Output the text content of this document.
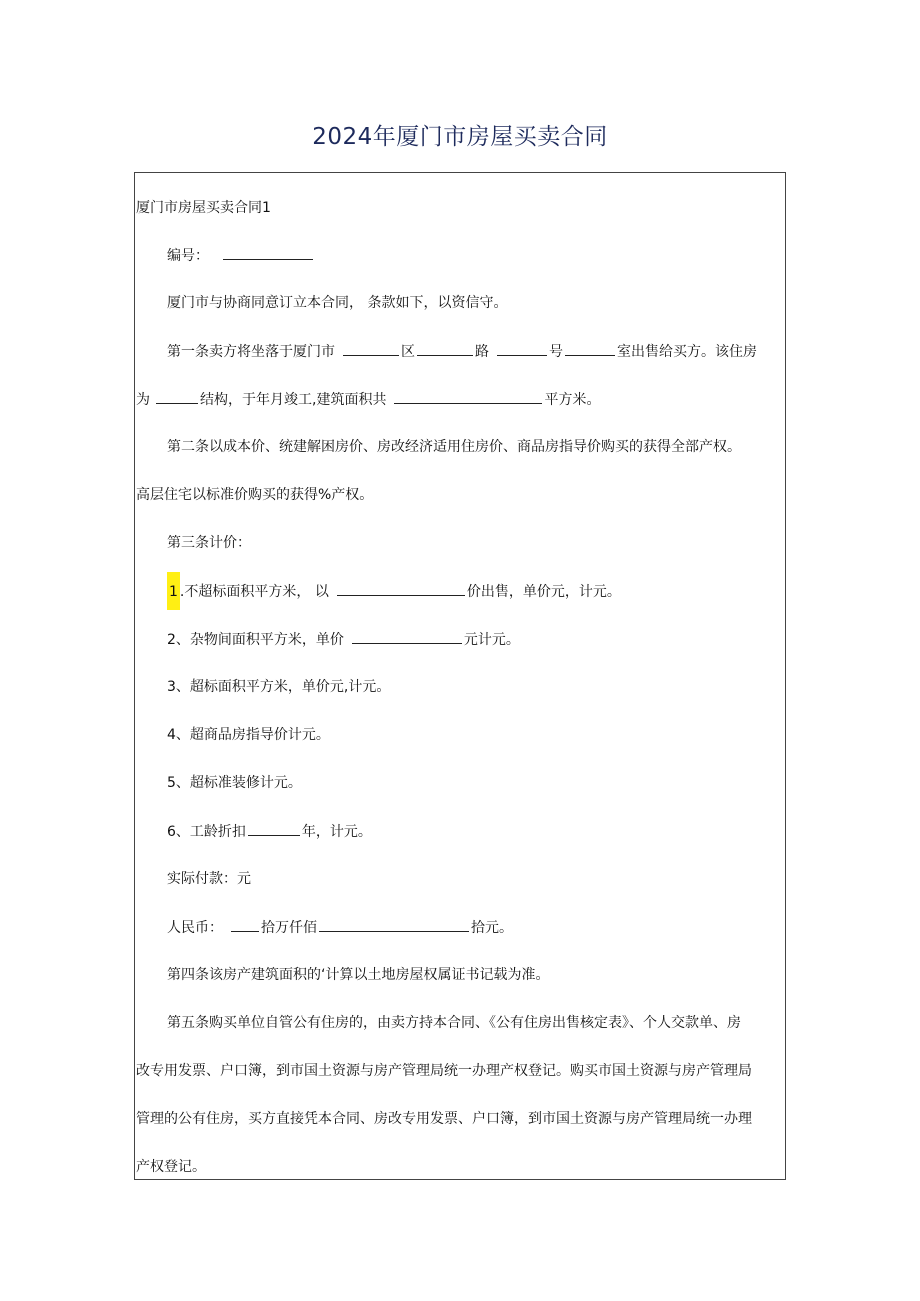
2024年厦门市房屋买卖合同
厦门市房屋买卖合同1
编号：
厦门市与协商同意订立本合同， 条款如下，以资信守。
第一条卖方将坐落于厦门市	区	路	号	室出售给买方。该住房
为	结构，于年月竣工,建筑面积共	平方米。
第二条以成本价、统建解困房价、房改经济适用住房价、商品房指导价购买的获得全部产权。
高层住宅以标准价购买的获得%产权。
第三条计价：
1 .不超标面积平方米， 以	价出售，单价元，计元。
2、杂物间面积平方米，单价	元计元。
3、超标面积平方米，单价元,计元。
4、超商品房指导价计元。
5、超标准装修计元。
6、工龄折扣	年，计元。
实际付款：元
人民币：	拾万仟佰	拾元。
第四条该房产建筑面积的‘计算以土地房屋权属证书记载为准。
第五条购买单位自管公有住房的，由卖方持本合同、《公有住房出售核定表》、个人交款单、房
改专用发票、户口簿，到市国土资源与房产管理局统一办理产权登记。购买市国土资源与房产管理局
管理的公有住房，买方直接凭本合同、房改专用发票、户口簿，到市国土资源与房产管理局统一办理
产权登记。
